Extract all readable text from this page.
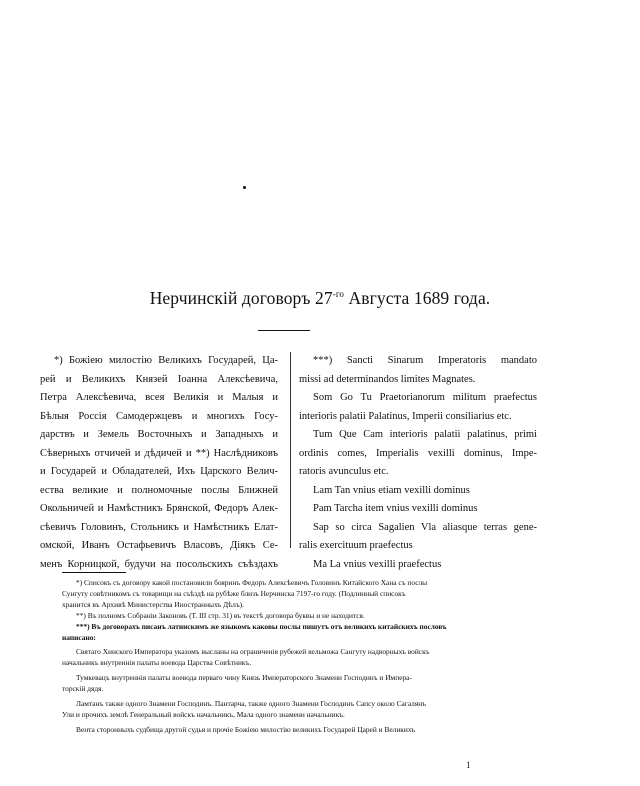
Нерчинскiй договоръ $27^{-го}$ Августа 1689 года.
*) Божiею милостiю Великихъ Государей, Ца-
рей и Великихъ Князей Iоанна Алексѣевича,
Петра Алексѣевича, всея Великiя и Малыя и
Бѣлыя Россiя Самодержцевъ и многихъ Госу-
дарствъ и Земель Восточныхъ и Западныхъ и
Сѣверныхъ отчичей и дѣдичей и **) Наслѣдниковъ
и Государей и Обладателей, Ихъ Царского Велич-
ества великие и полномочные послы Ближней
Окольничей и Намѣстникъ Брянской, Федоръ Алек-
сѣевичъ Головинъ, Стольникъ и Намѣстникъ Елат-
омской, Иванъ Остафьевичъ Власовъ, Дiякъ Се-
менъ Корницкой, будучи на посольскихъ съѣздахъ
***) Sancti Sinarum Imperatoris mandato
missi ad determinandos limites Magnates.
Som Go Tu Praetorianorum militum praefectus
interioris palatii Palatinus, Imperii consiliarius etc.
Tum Que Cam interioris palatii palatinus, primi
ordinis comes, Imperialis vexilli dominus, Impe-
ratoris avunculus etc.
Lam Tan vnius etiam vexilli dominus
Pam Tarcha item vnius vexilli dominus
Sap so circa Sagalien Vla aliasque terras gene-
ralis exercituum praefectus
Ma La vnius vexilli praefectus
*) Списокъ съ договору какой постановили бояринъ Федоръ Алексѣевичъ Головинъ Китайского Хана съ послы
Сунгуту совѣтникомъ съ товарищи на съѣздѣ на рубѣже близъ Нерчинска 7197-го году. (Подлинный списокъ
хранится въ Архивѣ Министерства Иностранныхъ Дѣлъ).
**) Въ полномъ Собранiи Законовъ (Т. III стр. 31) въ текстѣ договора буквы и не находится.
***) Въ договорахъ писанъ латинскимъ же языкомъ каковы послы пишутъ отъ великихъ китайскихъ пословъ
написано:
Святаго Хинского Императора указомъ высланы на ограниченiя рубежей вельможа Сангуту надворныхъ войскъ
начальникъ внутреннiя палаты воевода Царства Совѣтникъ.
Тумкевацъ внутреннiя палаты воевода перваго чину Князь Императорского Знамени Господинъ и Импера-
торскiй дядя.
Ламтанъ также одного Знамени Господинъ. Пантарча, также одного Знамени Господинъ Сапсу около Сагалянъ
Ули и прочихъ землѣ Генеральный войскъ начальникъ, Мала одного знамени начальникъ.
Вента сторонныхъ судбища другой судья и прочiе Божiею милостiю великихъ Государей Царей и Великихъ
1
